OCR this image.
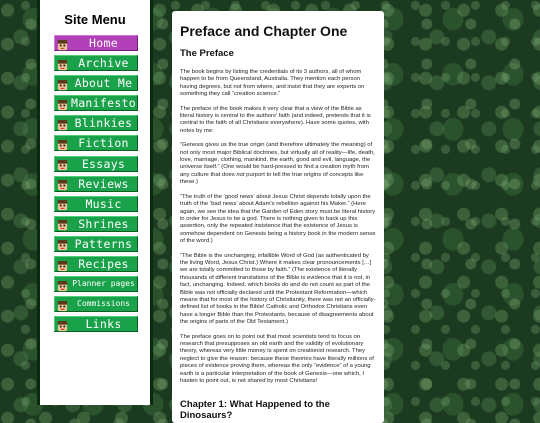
Site Menu
Home
Archive
About Me
Manifesto
Blinkies
Fiction
Essays
Reviews
Music
Shrines
Patterns
Recipes
Planner pages
Commissions
Links
Preface and Chapter One
The Preface

The book begins by listing the credentials of its 3 authors, all of whom happen to be from Queensland, Australia. They mention each person having degrees, but not from where, and insist that they are experts on something they call “creation science.”

The preface of the book makes it very clear that a view of the Bible as literal history is central to the authors' faith (and indeed, pretends that it is central to the faith of all Christians everywhere). Have some quotes, with notes by me:

“Genesis gives us the true origin (and therefore ultimately the meaning) of not only most major Biblical doctrines, but virtually all of reality—life, death, love, marriage, clothing, mankind, the earth, good and evil, language, the universe itself.” (One would be hard-pressed to find a creation myth from any culture that does not purport to tell the true origins of concepts like these.)

“The truth of the ‘good news’ about Jesus Christ depends totally upon the truth of the ‘bad news’ about Adam's rebellion against his Maker.” (Here again, we see the idea that the Garden of Eden story must be literal history in order for Jesus to be a god. There is nothing given to back up this assertion, only the repeated insistence that the existence of Jesus is somehow dependent on Genesis being a history book in the modern sense of the word.)

“The Bible is the unchanging, infallible Word of God (as authenticated by the living Word, Jesus Christ.) Where it makes clear pronouncements […] we are totally committed to those by faith.” (The existence of literally thousands of different translations of the Bible is evidence that it is not, in fact, unchanging. Indeed, which books do and do not count as part of the Bible was not officially declared until the Protestant Reformation—which means that for most of the history of Christianity, there was not an officially-defined list of books in the Bible! Catholic and Orthodox Christians even have a longer Bible than the Protestants, because of disagreements about the origins of parts of the Old Testament.)

The preface goes on to point out that most scientists tend to focus on research that presupposes an old earth and the validity of evolutionary theory, whereas very little money is spent on creationist research. They neglect to give the reason: because these theories have literally millions of pieces of evidence proving them, whereas the only “evidence” of a young earth is a particular interpretation of the book of Genesis—one which, I hasten to point out, is not shared by most Christians!

Chapter 1: What Happened to the Dinosaurs?
